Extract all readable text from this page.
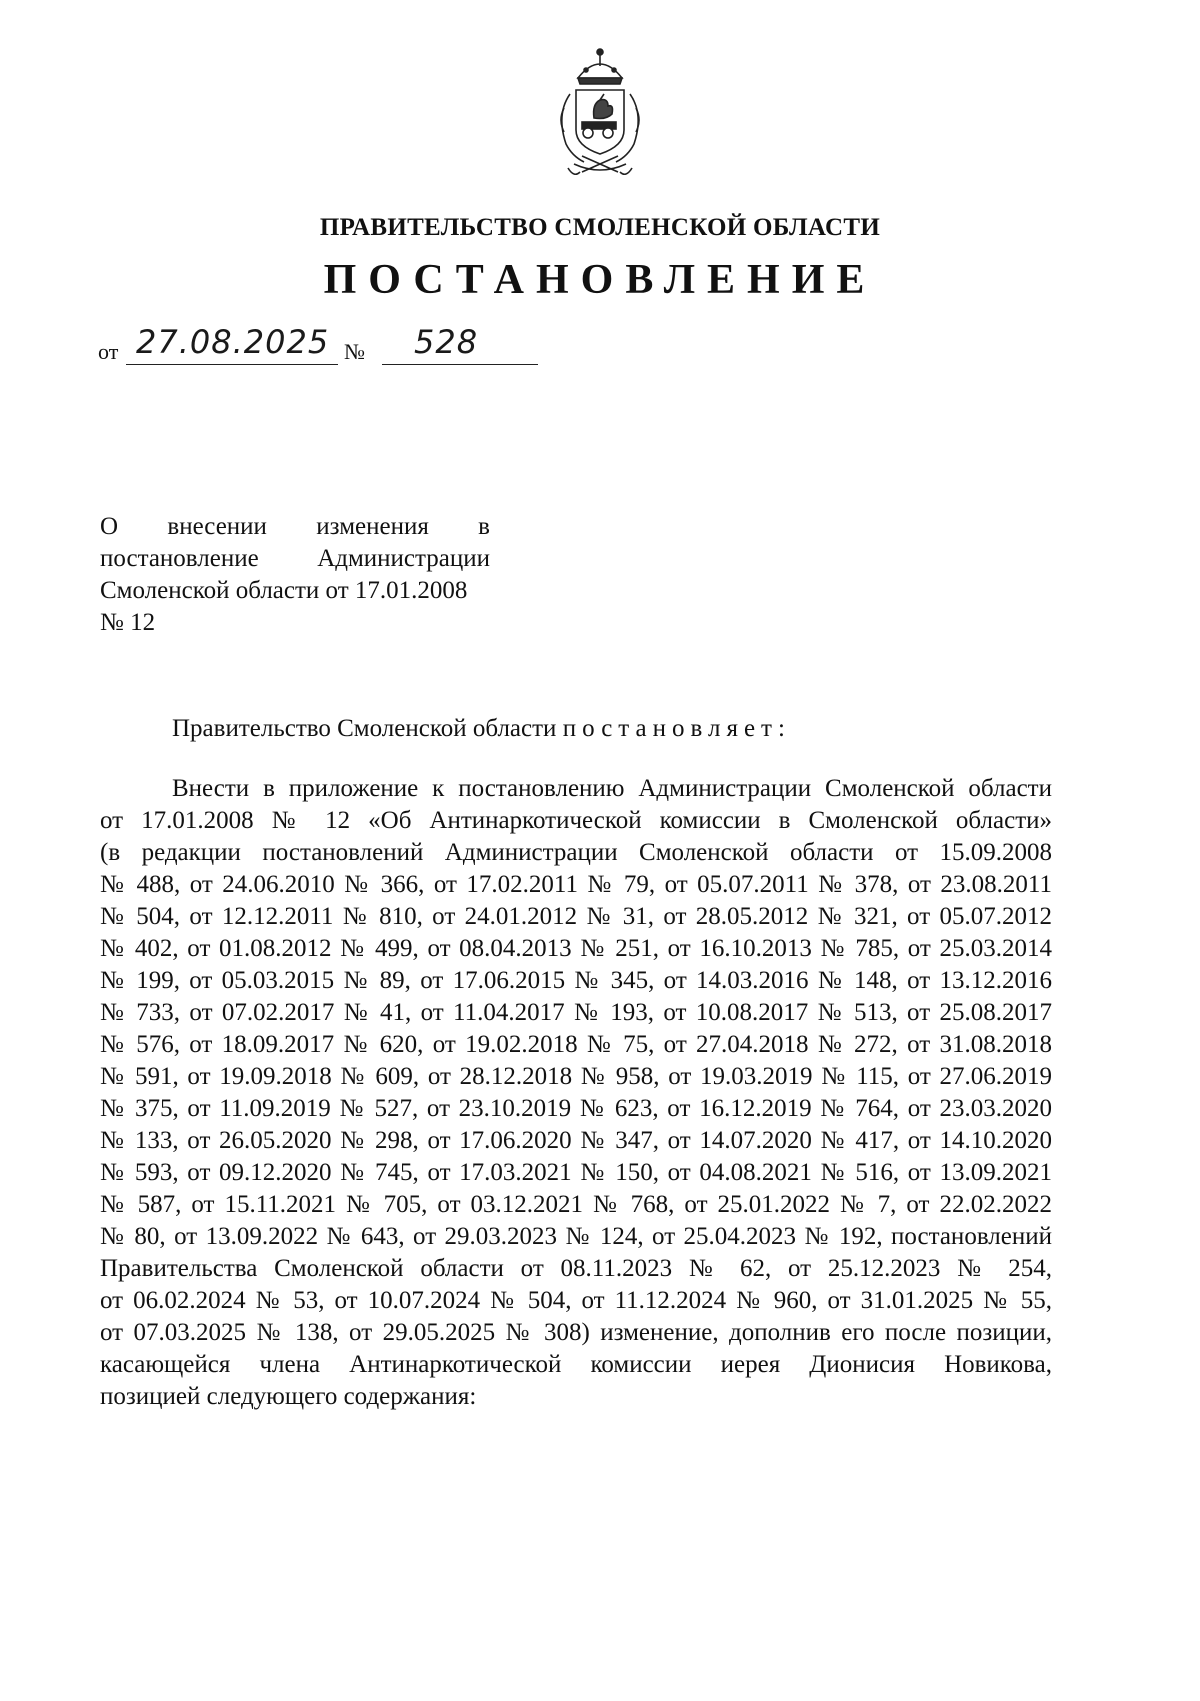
ПРАВИТЕЛЬСТВО СМОЛЕНСКОЙ ОБЛАСТИ
ПОСТАНОВЛЕНИЕ
от 27.08.2025 № 528
О внесении изменения в
постановление Администрации
Смоленской области от 17.01.2008
№ 12
Правительство Смоленской области постановляет:
Внести в приложение к постановлению Администрации Смоленской области
от 17.01.2008 № 12 «Об Антинаркотической комиссии в Смоленской области»
(в редакции постановлений Администрации Смоленской области от 15.09.2008
№ 488, от 24.06.2010 № 366, от 17.02.2011 № 79, от 05.07.2011 № 378, от 23.08.2011
№ 504, от 12.12.2011 № 810, от 24.01.2012 № 31, от 28.05.2012 № 321, от 05.07.2012
№ 402, от 01.08.2012 № 499, от 08.04.2013 № 251, от 16.10.2013 № 785, от 25.03.2014
№ 199, от 05.03.2015 № 89, от 17.06.2015 № 345, от 14.03.2016 № 148, от 13.12.2016
№ 733, от 07.02.2017 № 41, от 11.04.2017 № 193, от 10.08.2017 № 513, от 25.08.2017
№ 576, от 18.09.2017 № 620, от 19.02.2018 № 75, от 27.04.2018 № 272, от 31.08.2018
№ 591, от 19.09.2018 № 609, от 28.12.2018 № 958, от 19.03.2019 № 115, от 27.06.2019
№ 375, от 11.09.2019 № 527, от 23.10.2019 № 623, от 16.12.2019 № 764, от 23.03.2020
№ 133, от 26.05.2020 № 298, от 17.06.2020 № 347, от 14.07.2020 № 417, от 14.10.2020
№ 593, от 09.12.2020 № 745, от 17.03.2021 № 150, от 04.08.2021 № 516, от 13.09.2021
№ 587, от 15.11.2021 № 705, от 03.12.2021 № 768, от 25.01.2022 № 7, от 22.02.2022
№ 80, от 13.09.2022 № 643, от 29.03.2023 № 124, от 25.04.2023 № 192, постановлений
Правительства Смоленской области от 08.11.2023 № 62, от 25.12.2023 № 254,
от 06.02.2024 № 53, от 10.07.2024 № 504, от 11.12.2024 № 960, от 31.01.2025 № 55,
от 07.03.2025 № 138, от 29.05.2025 № 308) изменение, дополнив его после позиции,
касающейся члена Антинаркотической комиссии иерея Дионисия Новикова,
позицией следующего содержания:
